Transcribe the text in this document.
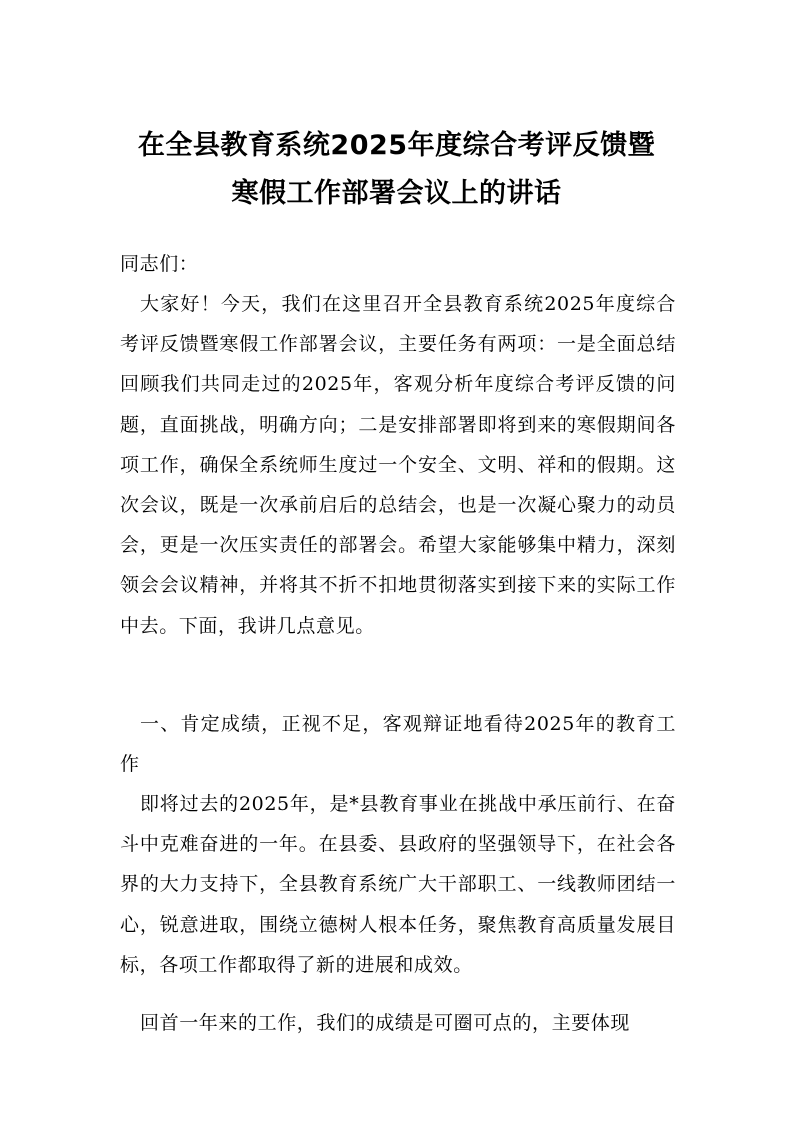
在全县教育系统2025年度综合考评反馈暨
寒假工作部署会议上的讲话

同志们：

大家好！今天，我们在这里召开全县教育系统2025年度综合考评反馈暨寒假工作部署会议，主要任务有两项：一是全面总结回顾我们共同走过的2025年，客观分析年度综合考评反馈的问题，直面挑战，明确方向；二是安排部署即将到来的寒假期间各项工作，确保全系统师生度过一个安全、文明、祥和的假期。这次会议，既是一次承前启后的总结会，也是一次凝心聚力的动员会，更是一次压实责任的部署会。希望大家能够集中精力，深刻领会会议精神，并将其不折不扣地贯彻落实到接下来的实际工作中去。下面，我讲几点意见。

一、肯定成绩，正视不足，客观辩证地看待2025年的教育工作

即将过去的2025年，是*县教育事业在挑战中承压前行、在奋斗中克难奋进的一年。在县委、县政府的坚强领导下，在社会各界的大力支持下，全县教育系统广大干部职工、一线教师团结一心，锐意进取，围绕立德树人根本任务，聚焦教育高质量发展目标，各项工作都取得了新的进展和成效。

回首一年来的工作，我们的成绩是可圈可点的，主要体现
